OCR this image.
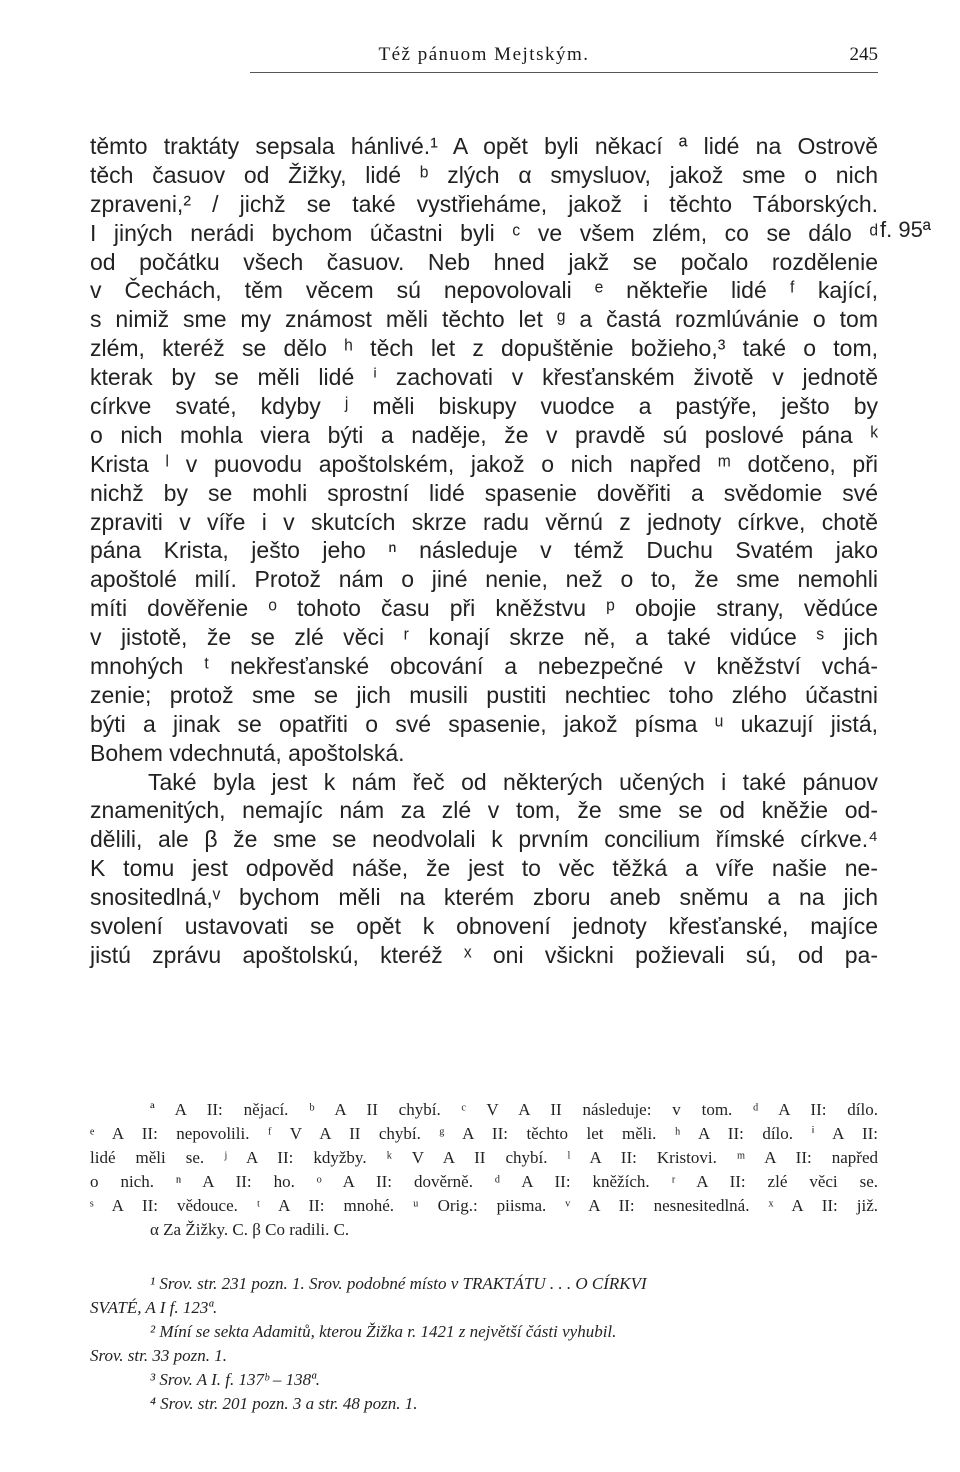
Též pánuom Mejtským.	245
f. 95ª

těmto traktáty sepsala hánlivé.¹ A opět byli někací ª lidé na Ostrově
těch časuov od Žižky, lidé ᵇ zlých α smysluov, jakož sme o nich
zpraveni,² / jichž se také vystřiehámе, jakož i těchto Táborských.
I jiných nerádi bychom účastni byli ᶜ ve všem zlém, co se dálo ᵈ
od počátku všech časuov. Neb hned jakž se počalo rozdělenie
v Čechách, těm věcem sú nepovolovali ᵉ někteřie lidé ᶠ kající,
s nimiž sme my známost měli těchto let ᵍ a častá rozmlúvánie o tom
zlém, kteréž se dělo ʰ těch let z dopuštěnie božieho,³ také o tom,
kterak by se měli lidé ⁱ zachovati v křesťanském životě v jednotě
církve svaté, kdyby ʲ měli biskupy vuodce a pastýře, ješto by
o nich mohla viera býti a naděje, že v pravdě sú poslové pána ᵏ
Krista ˡ v puovodu apoštolském, jakož o nich napřed ᵐ dotčeno, při
nichž by se mohli sprostní lidé spasenie dověřiti a svědomie své
zpraviti v víře i v skutcích skrze radu věrnú z jednoty církve, chotě
pána Krista, ješto jeho ⁿ následuje v témž Duchu Svatém jako
apoštolé milí. Protož nám o jiné nenie, než o to, že sme nemohli
míti dověřenie ᵒ tohoto času při kněžstvu ᵖ obojie strany, vědúce
v jistotě, že se zlé věci ʳ konají skrze ně, a také vidúce ˢ jich
mnohých ᵗ nekřesťanské obcování a nebezpečné v kněžství vchá-
zenie; protož sme se jich musili pustiti nechtiec toho zlého účastni
býti a jinak se opatřiti o své spasenie, jakož písma ᵘ ukazují jistá,
Bohem vdechnutá, apoštolská.

Také byla jest k nám řeč od některých učených i také pánuov
znamenitých, nemajíc nám za zlé v tom, že sme se od kněžie od-
dělili, ale β že sme se neodvolali k prvním concilium římské církve.⁴
K tomu jest odpověd náše, že jest to věc těžká a víře našie ne-
snositedlná,ᵛ bychom měli na kterém zboru aneb sněmu a na jich
svolení ustavovati se opět k obnovení jednoty křesťanské, majíce
jistú zprávu apoštolskú, kteréž ˣ oni všickni požievali sú, od pa-

ª A II: nějací. ᵇ A II chybí. ᶜ V A II následuje: v tom. ᵈ A II: dílo.
ᵉ A II: nepovolili. ᶠ V A II chybí. ᵍ A II: těchto let měli. ʰ A II: dílo. ⁱ A II:
lidé měli se. ʲ A II: kdyžby. ᵏ V A II chybí. ˡ A II: Kristovi. ᵐ A II: napřed
o nich. ⁿ A II: ho. ᵒ A II: dověrně. ᵈ A II: kněžích. ʳ A II: zlé věci se.
ˢ A II: vědouce. ᵗ A II: mnohé. ᵘ Orig.: piisma. ᵛ A II: nesnesitedlná. ˣ A II: již.
α Za Žižky. C. β Co radili. C.
¹ Srov. str. 231 pozn. 1. Srov. podobné místo v TRAKTÁTU . . . O CÍRKVI
SVATÉ, A I f. 123ª.
² Míní se sekta Adamitů, kterou Žižka r. 1421 z největší části vyhubil.
Srov. str. 33 pozn. 1.
³ Srov. A I. f. 137ᵇ – 138ª.
⁴ Srov. str. 201 pozn. 3 a str. 48 pozn. 1.
